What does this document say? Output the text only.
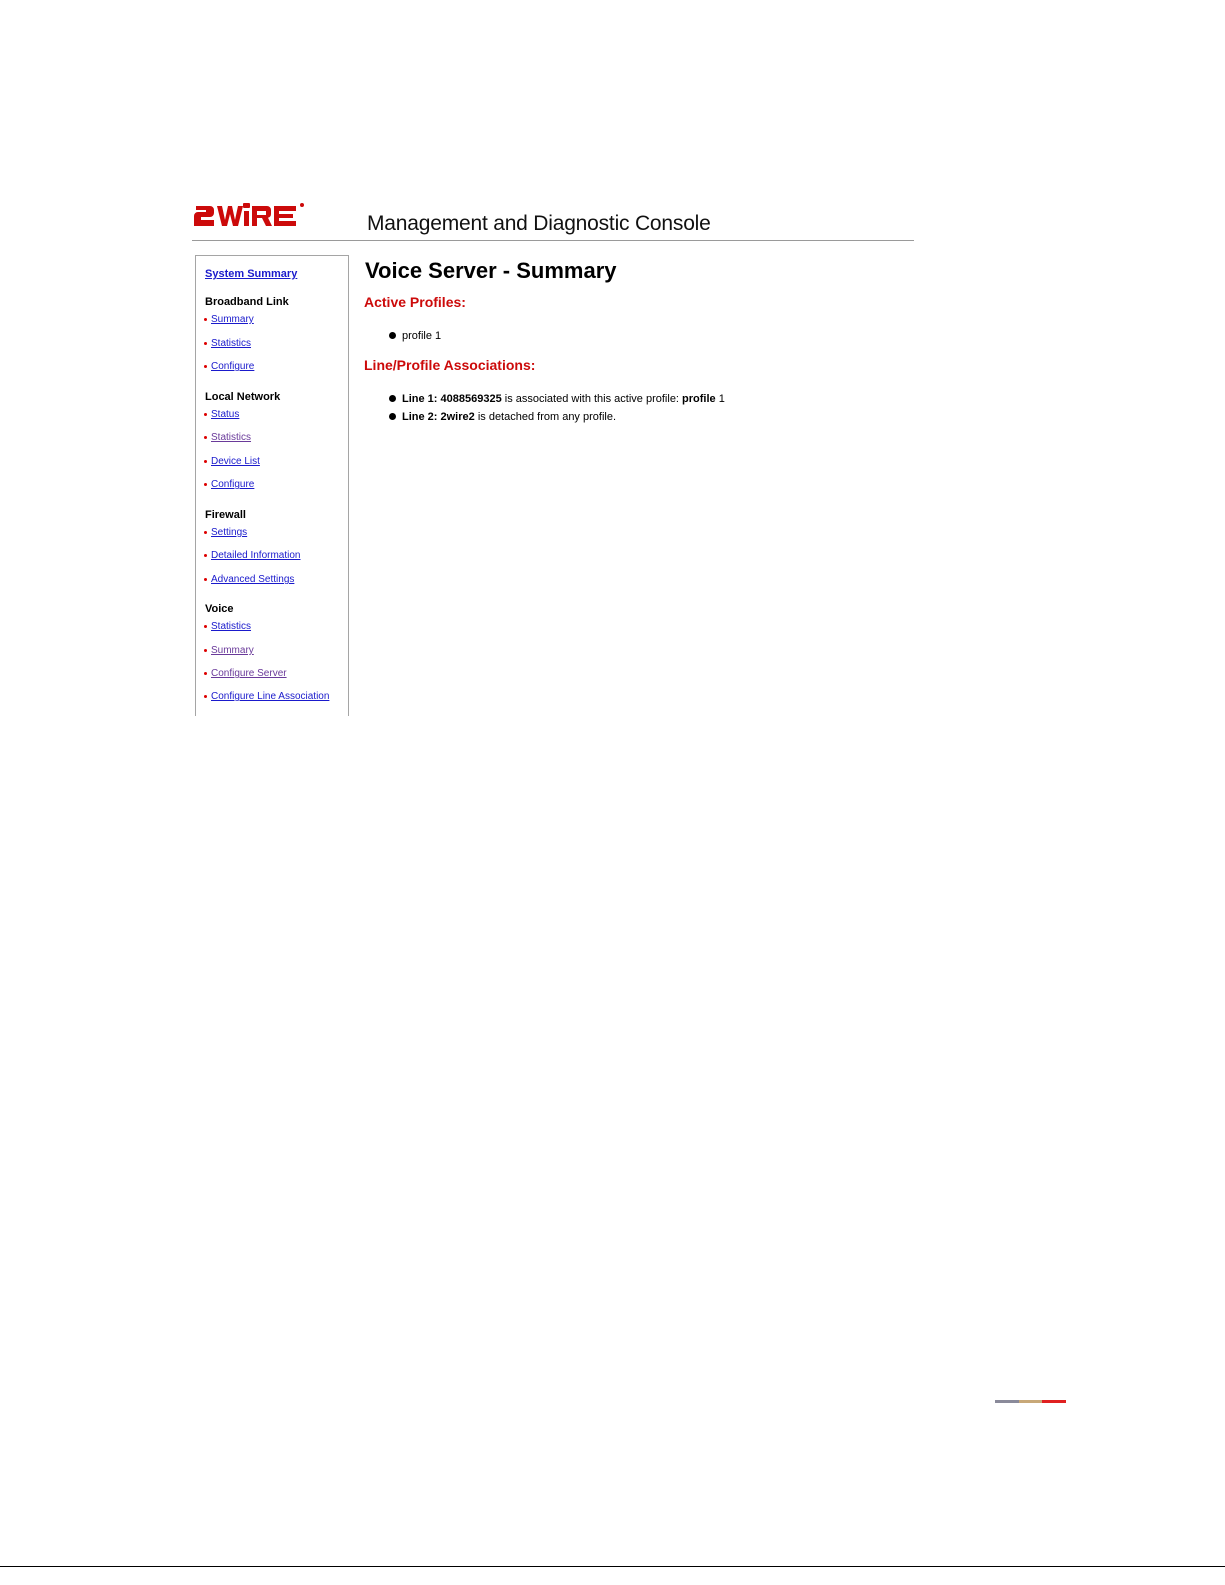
Management and Diagnostic Console
System Summary
Broadband Link
Summary
Statistics
Configure
Local Network
Status
Statistics
Device List
Configure
Firewall
Settings
Detailed Information
Advanced Settings
Voice
Statistics
Summary
Configure Server
Configure Line Association
Voice Server - Summary
Active Profiles:
profile 1
Line/Profile Associations:
Line 1: 4088569325 is associated with this active profile: profile 1
Line 2: 2wire2 is detached from any profile.
